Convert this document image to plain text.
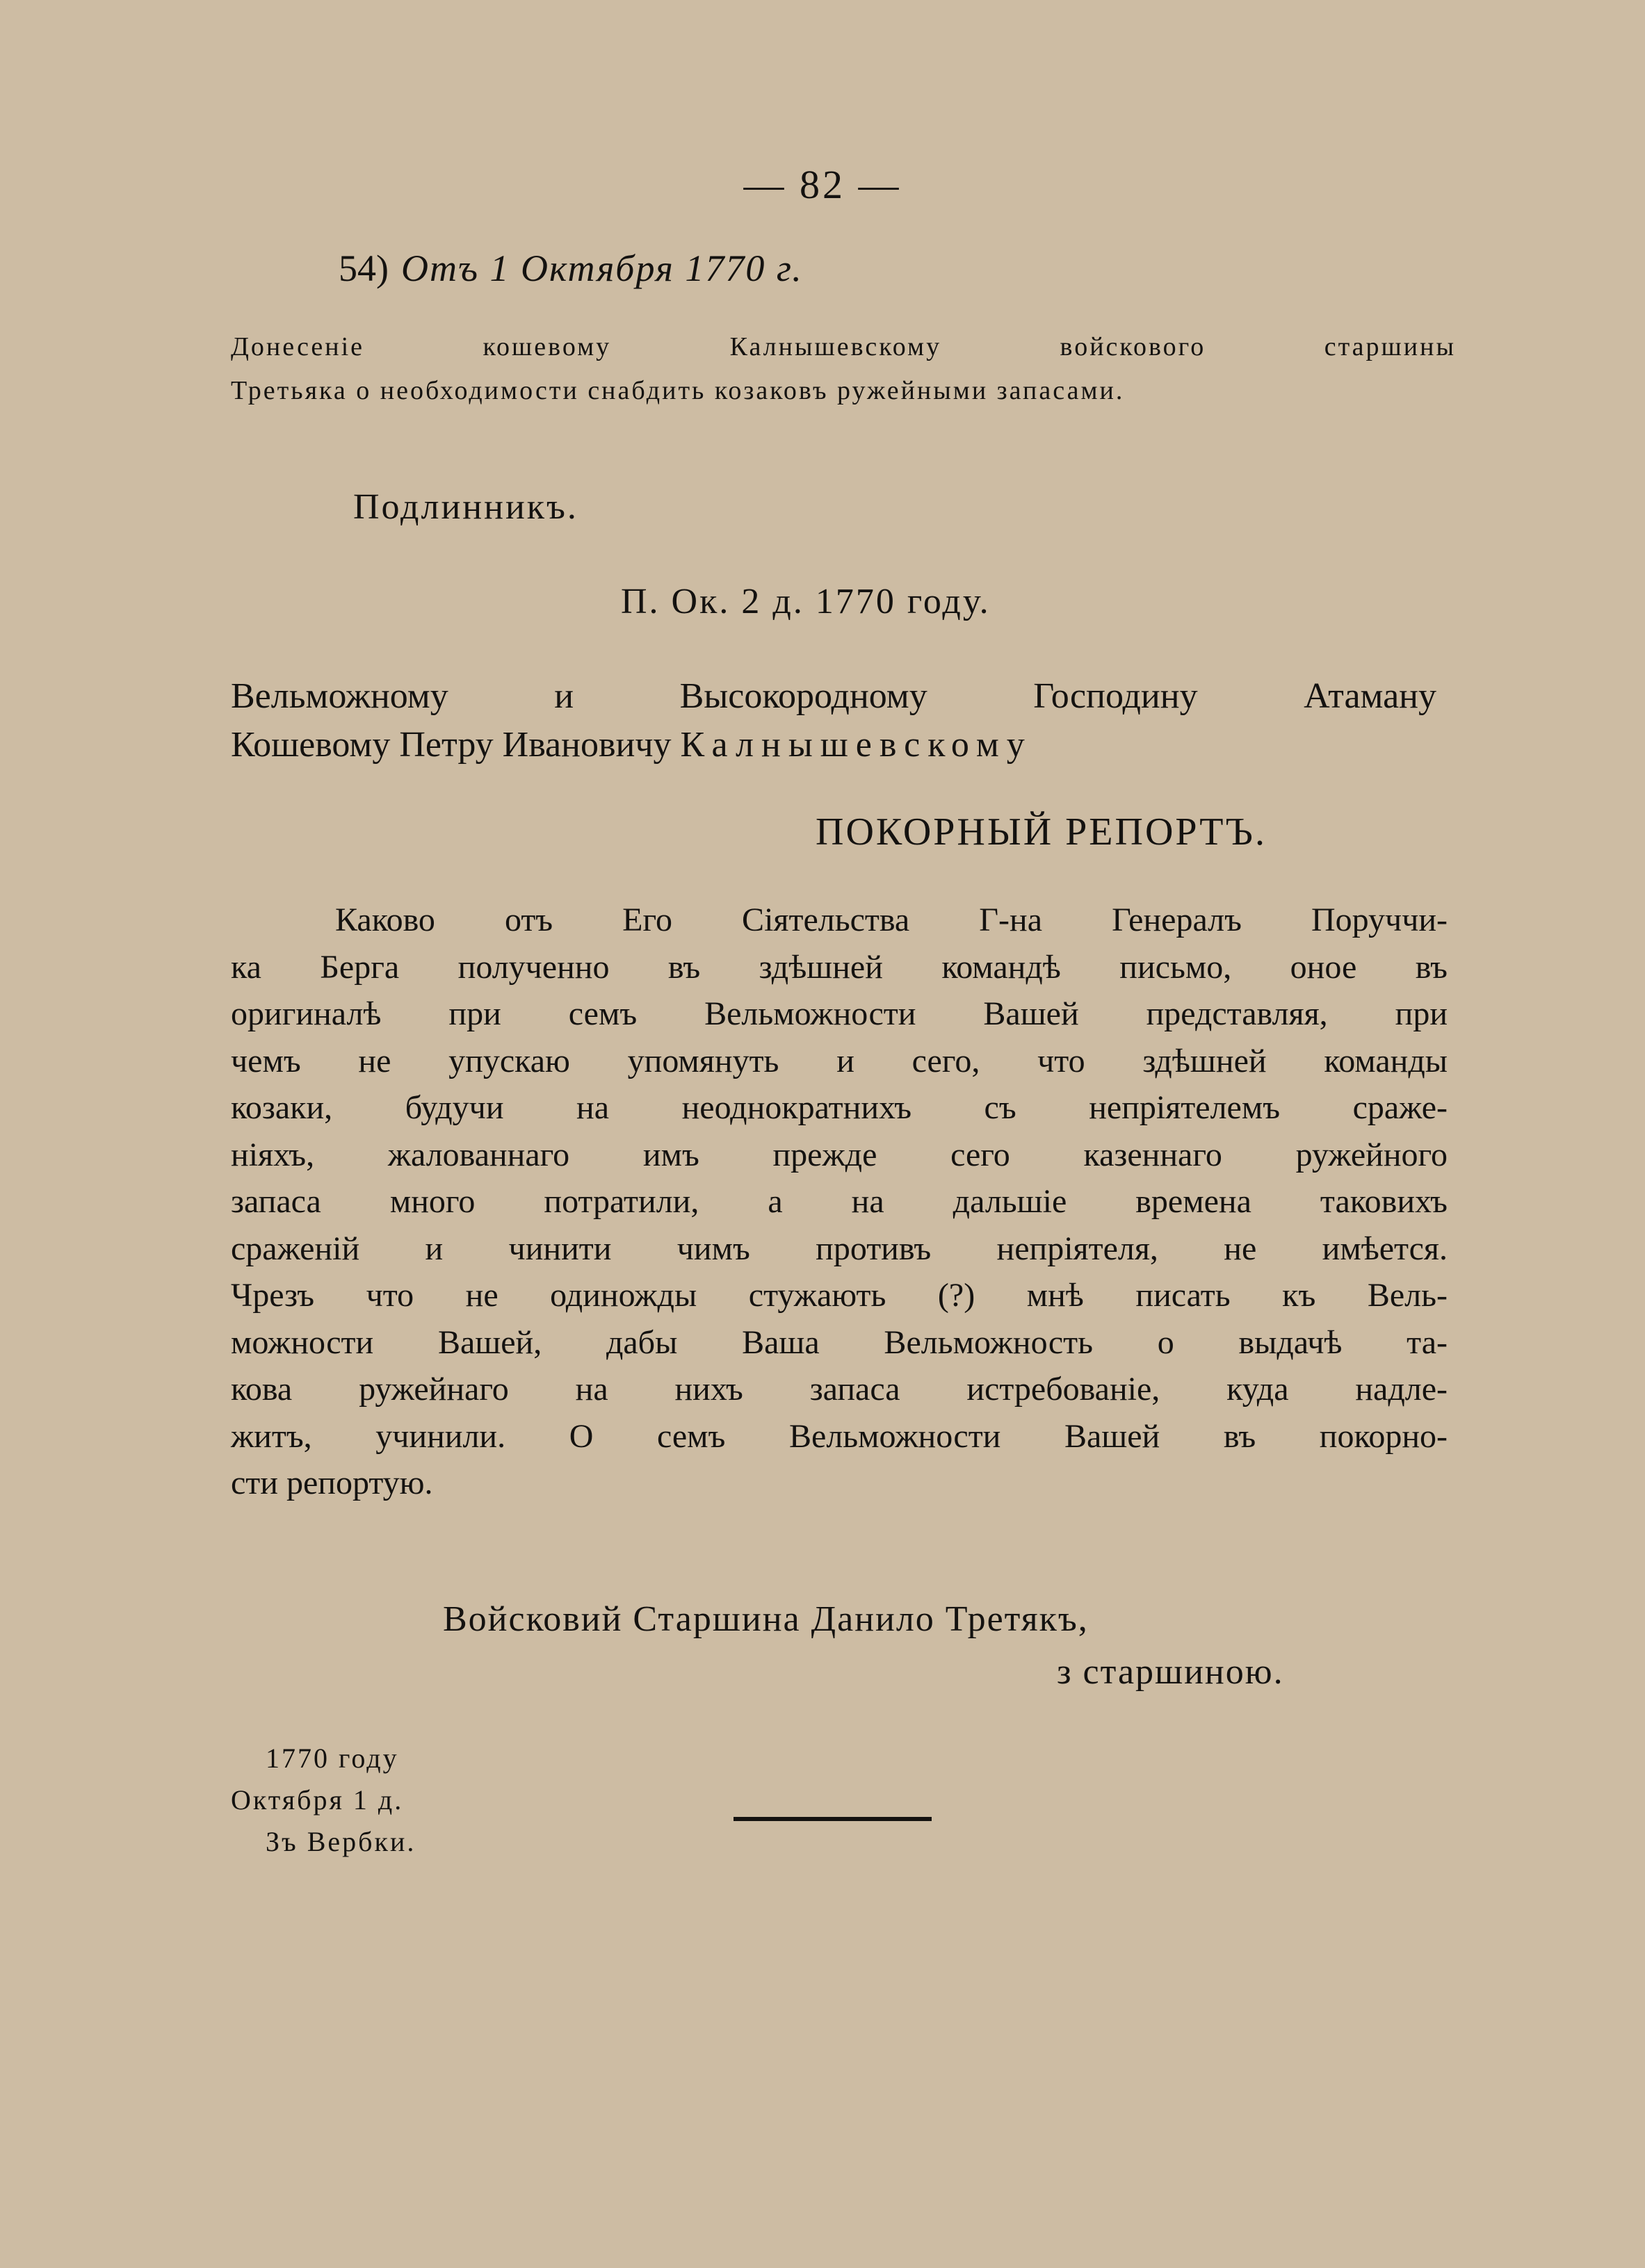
— 82 —
54) Отъ 1 Октября 1770 г.
Донесеніе кошевому Калнышевскому войскового старшины
Третьяка о необходимости снабдить козаковъ ружейными запасами.
Подлинникъ.
П. Ок. 2 д. 1770 году.
Вельможному и Высокородному Господину Атаману
Кошевому Петру Ивановичу Калнышевскому
ПОКОРНЫЙ РЕПОРТЪ.
Каково отъ Его Сіятельства Г-на Генералъ Поруччи-
ка Берга полученно въ здѣшней командѣ письмо, оное въ
оригиналѣ при семъ Вельможности Вашей представляя, при
чемъ не упускаю упомянуть и сего, что здѣшней команды
козаки, будучи на неоднократнихъ съ непріятелемъ сраже-
ніяхъ, жалованнаго имъ прежде сего казеннаго ружейного
запаса много потратили, а на дальшіе времена таковихъ
сраженій и чинити чимъ противъ непріятеля, не имѣется.
Чрезъ что не одиножды стужають (?) мнѣ писать къ Вель-
можности Вашей, дабы Ваша Вельможность о выдачѣ та-
кова ружейнаго на нихъ запаса истребованіе, куда надле-
житъ, учинили. О семъ Вельможности Вашей въ покорно-
сти репортую.
Войсковий Старшина Данило Третякъ,
з старшиною.
1770 году
Октября 1 д.
Зъ Вербки.
